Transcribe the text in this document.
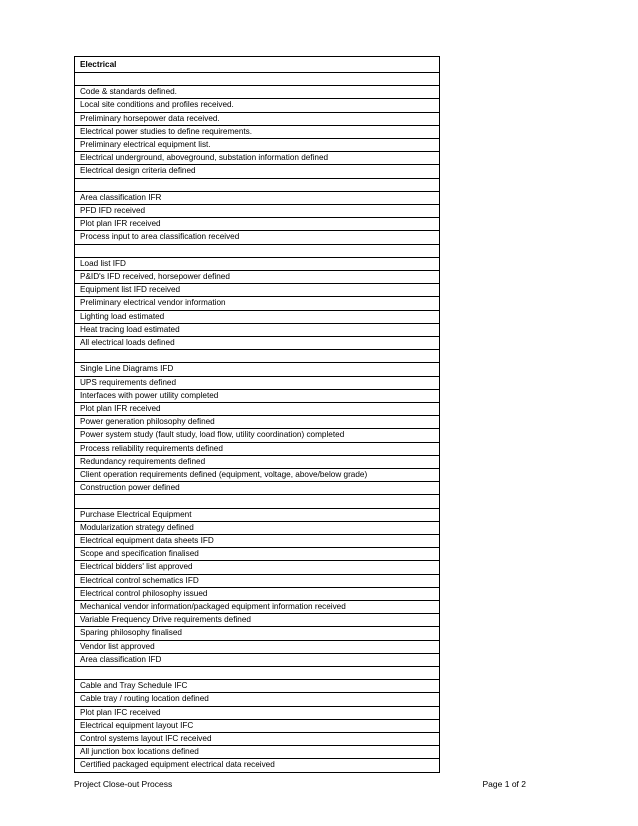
Electrical

Code & standards defined.
Local site conditions and profiles received.
Preliminary horsepower data received.
Electrical power studies to define requirements.
Preliminary electrical equipment list.
Electrical underground, aboveground, substation information defined
Electrical design criteria defined

Area classification IFR
PFD IFD received
Plot plan IFR received
Process input to area classification received

Load list IFD
P&ID's IFD received, horsepower defined
Equipment list IFD received
Preliminary electrical vendor information
Lighting load estimated
Heat tracing load estimated
All electrical loads defined

Single Line Diagrams IFD
UPS requirements defined
Interfaces with power utility completed
Plot plan IFR received
Power generation philosophy defined
Power system study (fault study, load flow, utility coordination) completed
Process reliability requirements defined
Redundancy requirements defined
Client operation requirements defined (equipment, voltage, above/below grade)
Construction power defined

Purchase Electrical Equipment
Modularization strategy defined
Electrical equipment data sheets IFD
Scope and specification finalised
Electrical bidders' list approved
Electrical control schematics IFD
Electrical control philosophy issued
Mechanical vendor information/packaged equipment information received
Variable Frequency Drive requirements defined
Sparing philosophy finalised
Vendor list approved
Area classification IFD

Cable and Tray Schedule IFC
Cable tray / routing location defined
Plot plan IFC received
Electrical equipment layout IFC
Control systems layout IFC received
All junction box locations defined
Certified packaged equipment electrical data received
Project Close-out Process	Page 1 of 2
